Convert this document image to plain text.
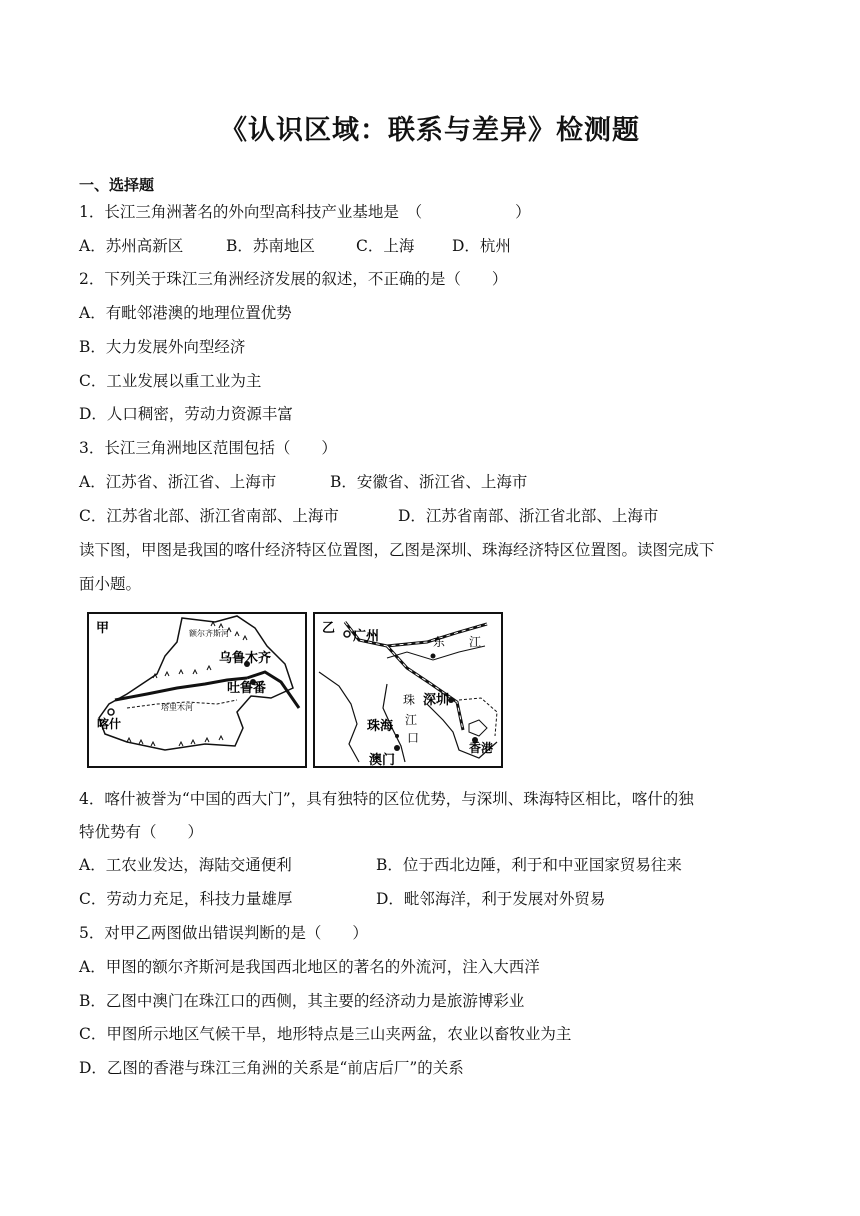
《认识区域：联系与差异》检测题
一、选择题
1．长江三角洲著名的外向型高科技产业基地是　（　　　　　　）
A．苏州高新区	B．苏南地区	C．上海 D．杭州
2．下列关于珠江三角洲经济发展的叙述，不正确的是（　　）
A．有毗邻港澳的地理位置优势
B．大力发展外向型经济
C．工业发展以重工业为主
D．人口稠密，劳动力资源丰富
3．长江三角洲地区范围包括（　　）
A．江苏省、浙江省、上海市	B．安徽省、浙江省、上海市
C．江苏省北部、浙江省南部、上海市	D．江苏省南部、浙江省北部、上海市
读下图，甲图是我国的喀什经济特区位置图，乙图是深圳、珠海经济特区位置图。读图完成下
面小题。
甲	额尔齐斯河
乌鲁木齐
吐鲁番
喀什
塔里木河
乙
广州	东 江
珠 深圳
珠海 江
口
澳门
香港
4．喀什被誉为“中国的西大门”，具有独特的区位优势，与深圳、珠海特区相比，喀什的独
特优势有（　　）
A．工农业发达，海陆交通便利	B．位于西北边陲，利于和中亚国家贸易往来
C．劳动力充足，科技力量雄厚	D．毗邻海洋，利于发展对外贸易
5．对甲乙两图做出错误判断的是（　　）
A．甲图的额尔齐斯河是我国西北地区的著名的外流河，注入大西洋
B．乙图中澳门在珠江口的西侧，其主要的经济动力是旅游博彩业
C．甲图所示地区气候干旱，地形特点是三山夹两盆，农业以畜牧业为主
D．乙图的香港与珠江三角洲的关系是“前店后厂”的关系
